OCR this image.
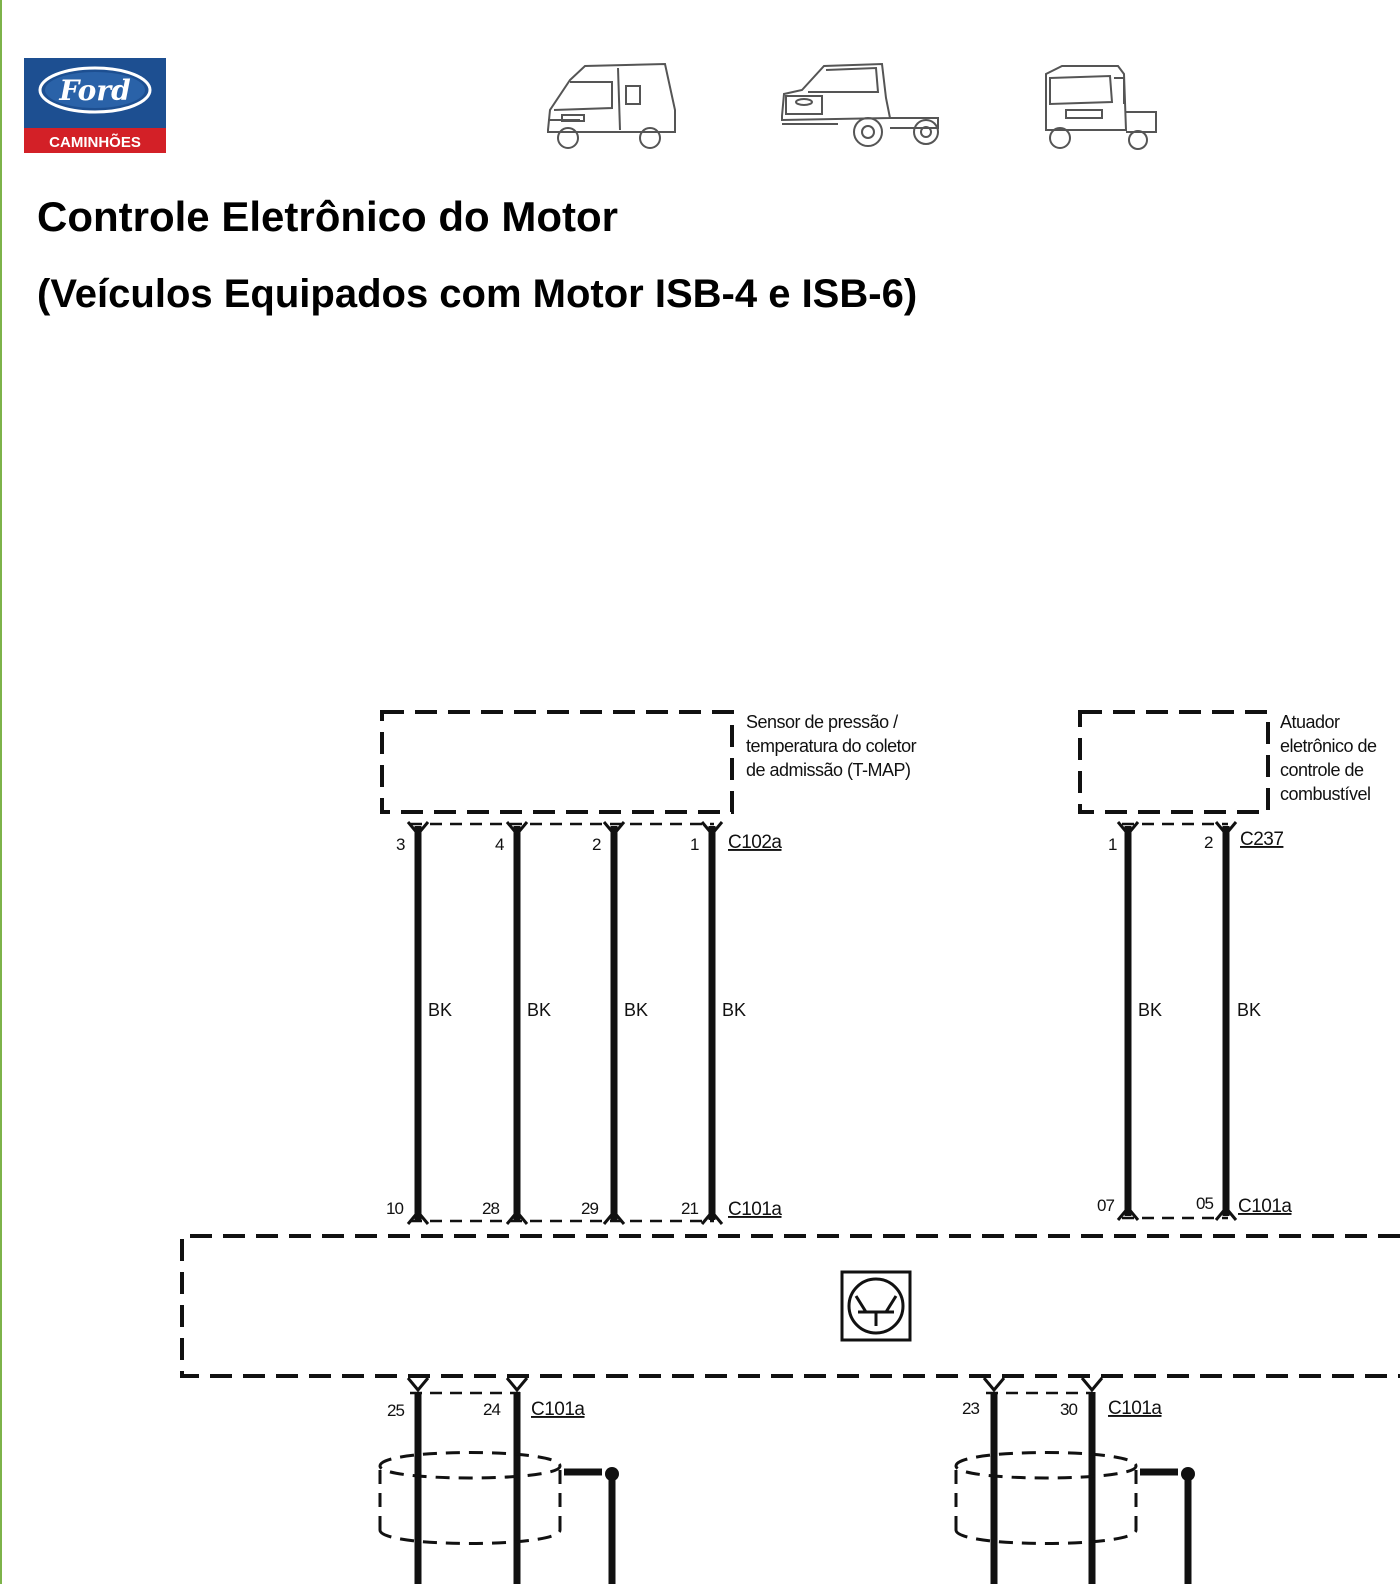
Ford
CAMINHÕES
Controle Eletrônico do Motor
(Veículos Equipados com Motor ISB-4 e ISB-6)
Sensor de pressão / temperatura do coletor de admissão (T-MAP)
Atuador eletrônico de controle de combustível
C102a	C237
C101a	C101a
C101a	C101a
3	4	2	1	1	2
BK	BK	BK	BK	BK	BK
10	28	29	21	07	05
25	24	23	30
